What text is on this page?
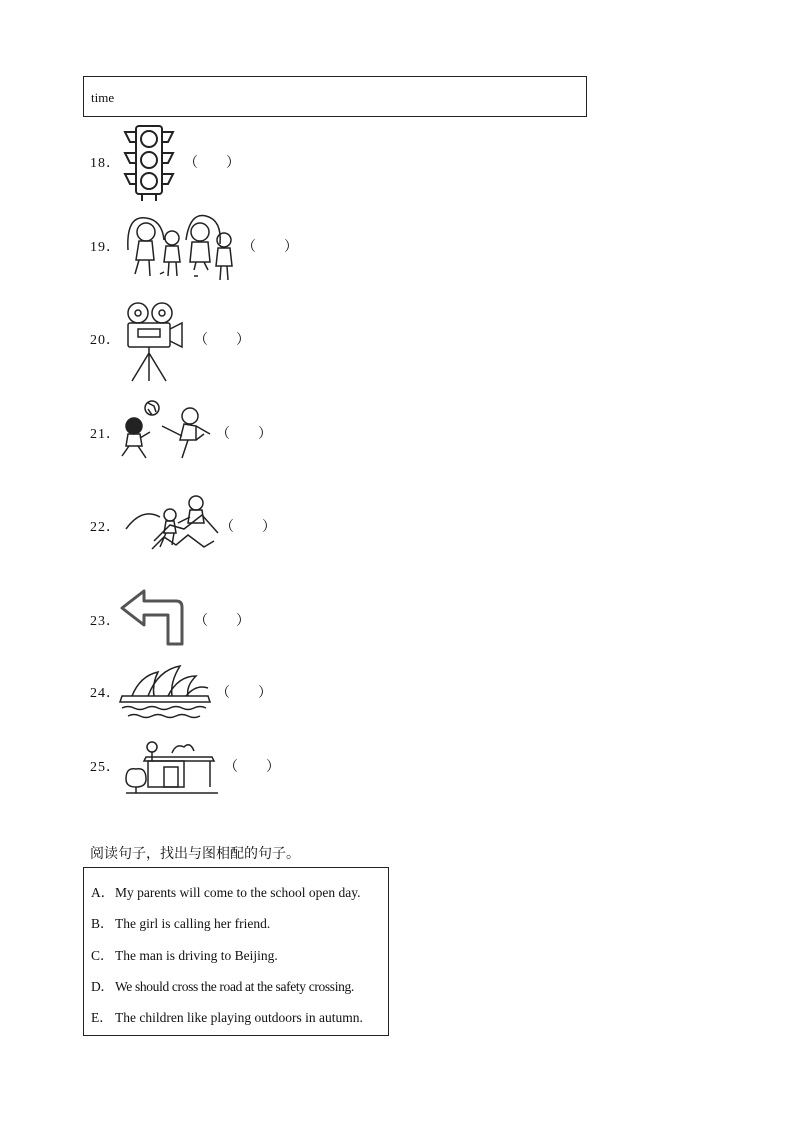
time
18．	（　　）
19．	（　　）
20．	（　　）
21．	（　　）
22．	（　　）
23．	（　　）
24．	（　　）
25．	（　　）
阅读句子，找出与图相配的句子。
A．My parents will come to the school open day.
B．The girl is calling her friend.
C．The man is driving to Beijing.
D．We should cross the road at the safety crossing.
E． The children like playing outdoors in autumn.
